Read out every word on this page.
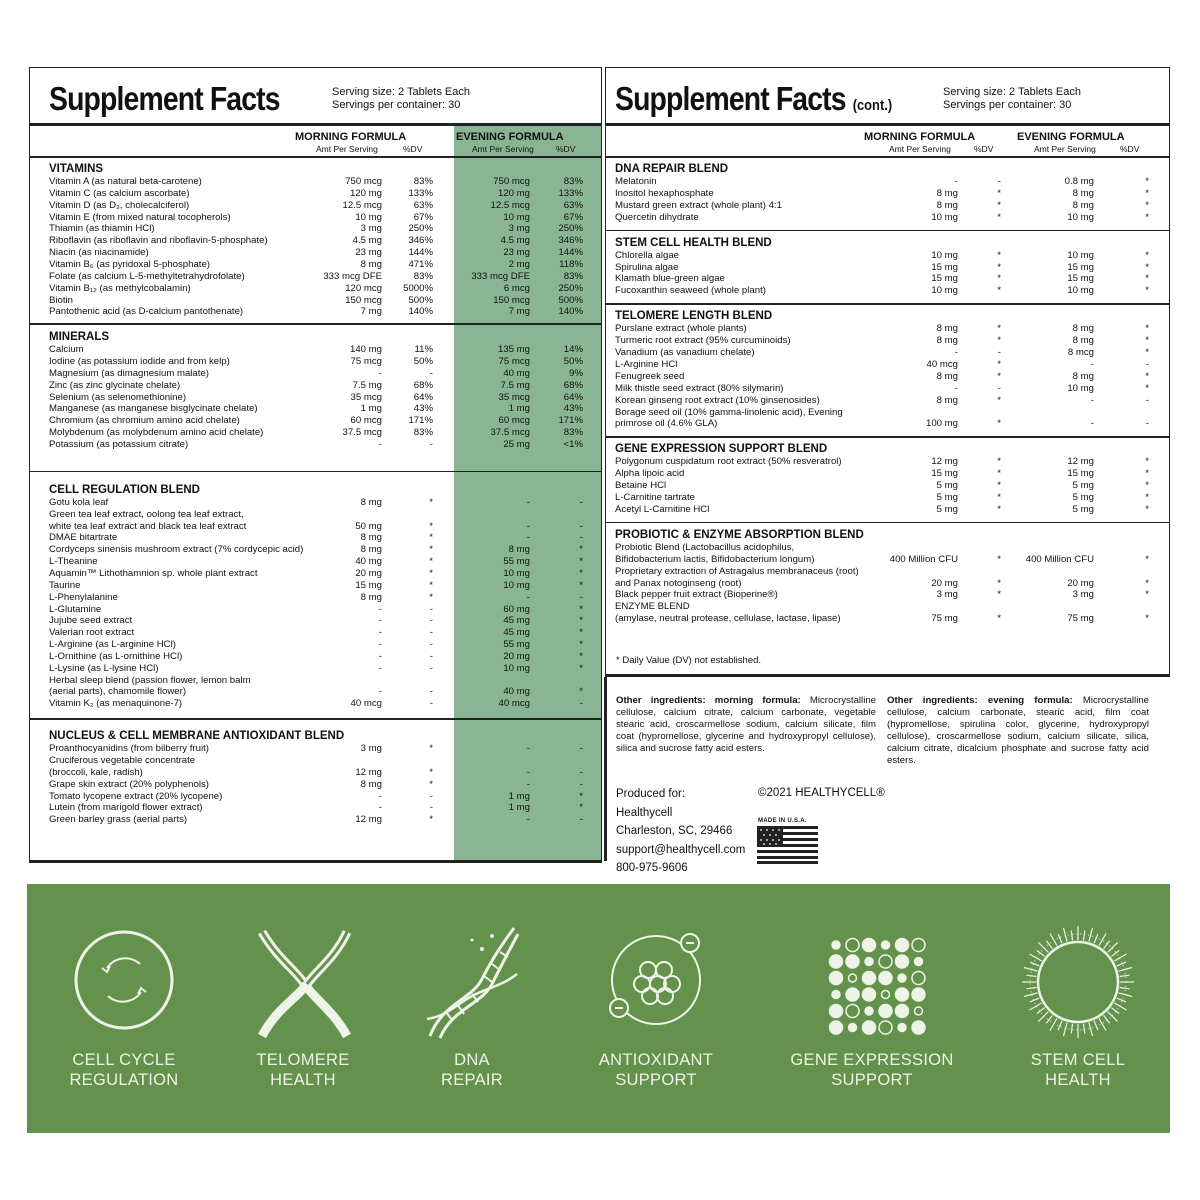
Supplement Facts	Serving size: 2 Tablets Each
Servings per container: 30
MORNING FORMULA	EVENING FORMULA
Amt Per Serving	%DV	Amt Per Serving	%DV
VITAMINS
Vitamin A (as natural beta-carotene)	750 mcg	83%	750 mcg	83%
Vitamin C (as calcium ascorbate)	120 mg	133%	120 mg	133%
Vitamin D (as D₃, cholecalciferol)	12.5 mcg	63%	12.5 mcg	63%
Vitamin E (from mixed natural tocopherols)	10 mg	67%	10 mg	67%
Thiamin (as thiamin HCl)	3 mg	250%	3 mg	250%
Riboflavin (as riboflavin and riboflavin-5-phosphate)	4.5 mg	346%	4.5 mg	346%
Niacin (as niacinamide)	23 mg	144%	23 mg	144%
Vitamin B₆ (as pyridoxal 5-phosphate)	8 mg	471%	2 mg	118%
Folate (as calcium L-5-methyltetrahydrofolate)	333 mcg DFE	83%	333 mcg DFE	83%
Vitamin B₁₂ (as methylcobalamin)	120 mcg 5000%	6 mcg	250%
Biotin	150 mcg	500%	150 mcg	500%
Pantothenic acid (as D-calcium pantothenate)	7 mg	140%	7 mg	140%
MINERALS
Calcium	140 mg	11%	135 mg	14%
Iodine (as potassium iodide and from kelp)	75 mcg	50%	75 mcg	50%
Magnesium (as dimagnesium malate)	-	-	40 mg	9%
Zinc (as zinc glycinate chelate)	7.5 mg	68%	7.5 mg	68%
Selenium (as selenomethionine)	35 mcg	64%	35 mcg	64%
Manganese (as manganese bisglycinate chelate)	1 mg	43%	1 mg	43%
Chromium (as chromium amino acid chelate)	60 mcg	171%	60 mcg	171%
Molybdenum (as molybdenum amino acid chelate)	37.5 mcg	83%	37.5 mcg	83%
Potassium (as potassium citrate)	-	-	25 mg	<1%
CELL REGULATION BLEND
Gotu kola leaf	8 mg	*	-	-
Green tea leaf extract, oolong tea leaf extract,
white tea leaf extract and black tea leaf extract	50 mg	*	-	-
DMAE bitartrate	8 mg	*	-	-
Cordyceps sinensis mushroom extract (7% cordycepic acid)	8 mg	*	8 mg	*
L-Theanine	40 mg	*	55 mg	*
Aquamin™ Lithothamnion sp. whole plant extract	20 mg	*	10 mg	*
Taurine	15 mg	*	10 mg	*
L-Phenylalanine	8 mg	*	-	-
L-Glutamine	-	-	60 mg	*
Jujube seed extract	-	-	45 mg	*
Valerian root extract	-	-	45 mg	*
L-Arginine (as L-arginine HCl)	-	-	55 mg	*
L-Ornithine (as L-ornithine HCl)	-	-	20 mg	*
L-Lysine (as L-lysine HCl)	-	-	10 mg	*
Herbal sleep blend (passion flower, lemon balm
(aerial parts), chamomile flower)	-	-	40 mg	*
Vitamin K₂ (as menaquinone-7)	40 mcg	-	40 mcg	-
NUCLEUS & CELL MEMBRANE ANTIOXIDANT BLEND
Proanthocyanidins (from bilberry fruit)	3 mg	*	-	-
Cruciferous vegetable concentrate
(broccoli, kale, radish)	12 mg	*	-	-
Grape skin extract (20% polyphenols)	8 mg	*	-	-
Tomato lycopene extract (20% lycopene)	-	-	1 mg	*
Lutein (from marigold flower extract)	-	-	1 mg	*
Green barley grass (aerial parts)	12 mg	*	-	-
Supplement Facts (cont.)
Serving size: 2 Tablets Each
Servings per container: 30
MORNING FORMULA	EVENING FORMULA
Amt Per Serving	%DV	Amt Per Serving	%DV
DNA REPAIR BLEND
Melatonin	-	-	0.8 mg	*
Inositol hexaphosphate	8 mg	*	8 mg	*
Mustard green extract (whole plant) 4:1	8 mg	*	8 mg	*
Quercetin dihydrate	10 mg	*	10 mg	*
STEM CELL HEALTH BLEND
Chlorella algae	10 mg	*	10 mg	*
Spirulina algae	15 mg	*	15 mg	*
Klamath blue-green algae	15 mg	*	15 mg	*
Fucoxanthin seaweed (whole plant)	10 mg	*	10 mg	*
TELOMERE LENGTH BLEND
Purslane extract (whole plants)	8 mg	*	8 mg	*
Turmeric root extract (95% curcuminoids)	8 mg	*	8 mg	*
Vanadium (as vanadium chelate)	-	-	8 mcg	*
L-Arginine HCl	40 mcg	*	-	-
Fenugreek seed	8 mg	*	8 mg	*
Milk thistle seed extract (80% silymarin)	-	-	10 mg	*
Korean ginseng root extract (10% ginsenosides)	8 mg	*	-	-
Borage seed oil (10% gamma-linolenic acid), Evening
primrose oil (4.6% GLA)	100 mg	*	-	-
GENE EXPRESSION SUPPORT BLEND
Polygonum cuspidatum root extract (50% resveratrol)	12 mg	*	12 mg	*
Alpha lipoic acid	15 mg	*	15 mg	*
Betaine HCl	5 mg	*	5 mg	*
L-Carnitine tartrate	5 mg	*	5 mg	*
Acetyl L-Carnitine HCl	5 mg	*	5 mg	*
PROBIOTIC & ENZYME ABSORPTION BLEND
Probiotic Blend (Lactobacillus acidophilus,
Bifidobacterium lactis, Bifidobacterium longum)	400 Million CFU	*	400 Million CFU	*
Proprietary extraction of Astragalus membranaceus (root)
and Panax notoginseng (root)	20 mg	*	20 mg	*
Black pepper fruit extract (Bioperine®)	3 mg	*	3 mg	*
ENZYME BLEND
(amylase, neutral protease, cellulase, lactase, lipase)	75 mg	*	75 mg	*
* Daily Value (DV) not established.
Other ingredients: morning formula: Microcrystalline cellulose, calcium citrate, calcium carbonate, vegetable stearic acid, croscarmellose sodium, calcium silicate, film coat (hypromellose, glycerine and hydroxypropyl cellulose), silica and sucrose fatty acid esters.
Other ingredients: evening formula: Microcrystalline cellulose, calcium carbonate, stearic acid, film coat (hypromellose, spirulina color, glycerine, hydroxypropyl cellulose), croscarmellose sodium, calcium silicate, silica, calcium citrate, dicalcium phosphate and sucrose fatty acid esters.
Produced for:
Healthycell
Charleston, SC, 29466
support@healthycell.com
800-975-9606
©2021 HEALTHYCELL®
MADE IN U.S.A.
CELL CYCLE
REGULATION
TELOMERE
HEALTH
DNA
REPAIR
ANTIOXIDANT
SUPPORT
GENE EXPRESSION
SUPPORT
STEM CELL
HEALTH
